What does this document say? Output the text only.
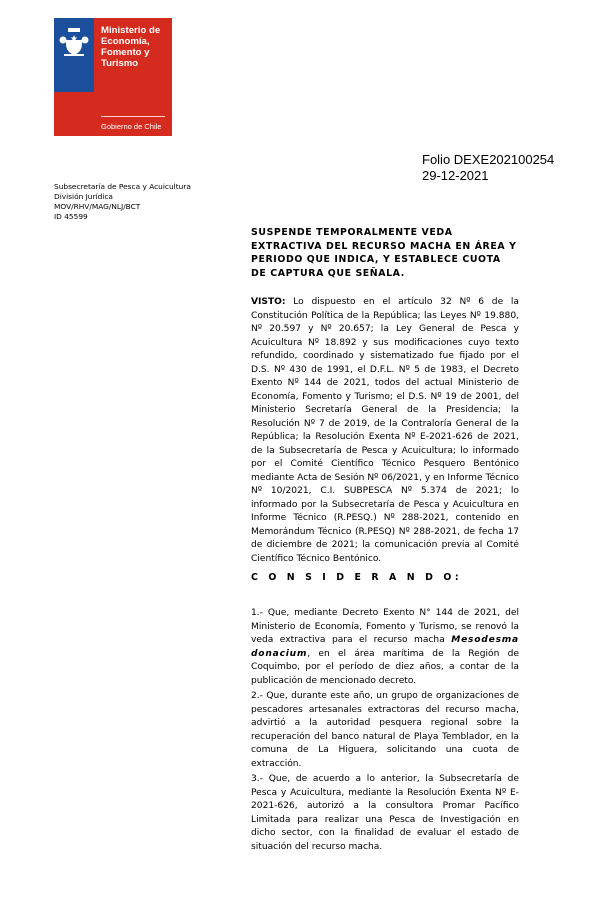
Ministerio de Economía, Fomento y Turismo
Gobierno de Chile
Folio DEXE202100254
29-12-2021
Subsecretaría de Pesca y Acuicultura
División Jurídica
MOV/RHV/MAG/NLJ/BCT
ID 45599
SUSPENDE TEMPORALMENTE VEDA EXTRACTIVA DEL RECURSO MACHA EN ÁREA Y PERIODO QUE INDICA, Y ESTABLECE CUOTA DE CAPTURA QUE SEÑALA.
VISTO: Lo dispuesto en el artículo 32 Nº 6 de la Constitución Política de la República; las Leyes Nº 19.880, Nº 20.597 y Nº 20.657; la Ley General de Pesca y Acuicultura Nº 18.892 y sus modificaciones cuyo texto refundido, coordinado y sistematizado fue fijado por el D.S. Nº 430 de 1991, el D.F.L. Nº 5 de 1983, el Decreto Exento Nº 144 de 2021, todos del actual Ministerio de Economía, Fomento y Turismo; el D.S. Nº 19 de 2001, del Ministerio Secretaría General de la Presidencia; la Resolución Nº 7 de 2019, de la Contraloría General de la República; la Resolución Exenta Nº E-2021-626 de 2021, de la Subsecretaría de Pesca y Acuicultura; lo informado por el Comité Científico Técnico Pesquero Bentónico mediante Acta de Sesión Nº 06/2021, y en Informe Técnico Nº 10/2021, C.I. SUBPESCA Nº 5.374 de 2021; lo informado por la Subsecretaría de Pesca y Acuicultura en Informe Técnico (R.PESQ.) Nº 288-2021, contenido en Memorándum Técnico (R.PESQ) Nº 288-2021, de fecha 17 de diciembre de 2021; la comunicación previa al Comité Científico Técnico Bentónico.
C O N S I D E R A N D O:
1.- Que, mediante Decreto Exento N° 144 de 2021, del Ministerio de Economía, Fomento y Turismo, se renovó la veda extractiva para el recurso macha Mesodesma donacium, en el área marítima de la Región de Coquimbo, por el período de diez años, a contar de la publicación de mencionado decreto.
2.- Que, durante este año, un grupo de organizaciones de pescadores artesanales extractoras del recurso macha, advirtió a la autoridad pesquera regional sobre la recuperación del banco natural de Playa Temblador, en la comuna de La Higuera, solicitando una cuota de extracción.
3.- Que, de acuerdo a lo anterior, la Subsecretaría de Pesca y Acuicultura, mediante la Resolución Exenta Nº E-2021-626, autorizó a la consultora Promar Pacífico Limitada para realizar una Pesca de Investigación en dicho sector, con la finalidad de evaluar el estado de situación del recurso macha.
